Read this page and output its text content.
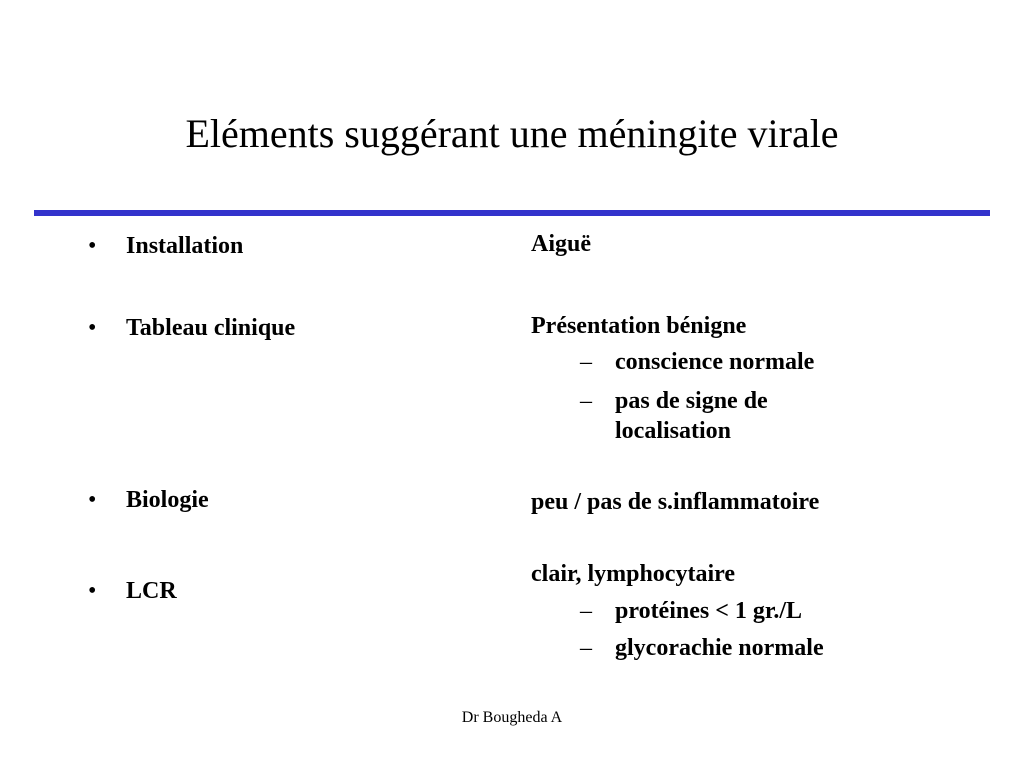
Eléments suggérant une méningite virale
• Installation
• Tableau clinique
• Biologie
• LCR
Aiguë
Présentation bénigne
– conscience normale
– pas de signe de localisation
peu / pas de s.inflammatoire
clair, lymphocytaire
– protéines < 1 gr./L
– glycorachie normale
Dr Bougheda A
